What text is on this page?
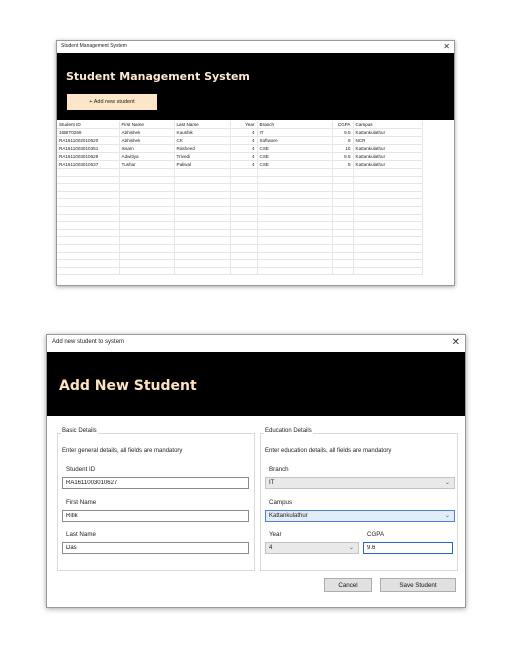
Student Management System	✕
Student Management System
+ Add new student
Student ID	First Name	Last Name	Year	Branch	CGPA	Campus
16BIT0269	Abhishek	Kaushik	4	IT	9.5	Kattankulathur
RA1611002010620	Abhishek	CK	4	Software	6	NCR
RA1611003010351	Issam	Rasheed	4	CSE	10	Kattankulathur
RA1611003010629	Adwitiya	Trivedi	4	CSE	8.5	Kattankulathur
RA1611003010637	Tushar	Paliwal	4	CSE	5	Kattankulathur

Add new student to system	✕
Add New Student
Basic Details
Enter general details, all fields are mandatory
Student ID
RA1611003010627
First Name
Ritik
Last Name
Das
Education Details
Enter education details, all fields are mandatory
Branch
IT	⌄
Campus
Kattankulathur	⌄
Year
4	⌄
CGPA
9.6
Cancel	Save Student
